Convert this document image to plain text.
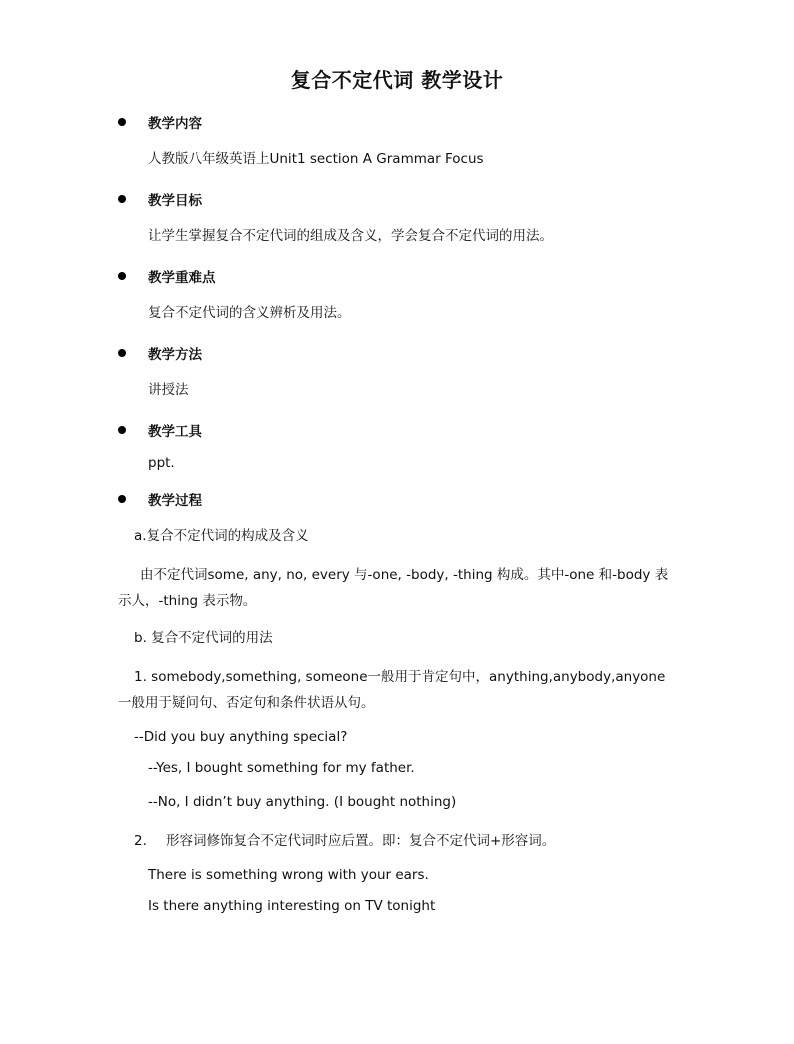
复合不定代词 教学设计
教学内容
人教版八年级英语上Unit1 section A Grammar Focus
教学目标
让学生掌握复合不定代词的组成及含义，学会复合不定代词的用法。
教学重难点
复合不定代词的含义辨析及用法。
教学方法
讲授法
教学工具
ppt.
教学过程
a.复合不定代词的构成及含义
由不定代词some, any, no, every 与-one, -body, -thing 构成。其中-one 和-body 表示人，-thing 表示物。
b. 复合不定代词的用法
1. somebody,something, someone一般用于肯定句中，anything,anybody,anyone一般用于疑问句、否定句和条件状语从句。
--Did you buy anything special?
--Yes, I bought something for my father.
--No, I didn’t buy anything. (I bought nothing)
2. 形容词修饰复合不定代词时应后置。即：复合不定代词+形容词。
There is something wrong with your ears.
Is there anything interesting on TV tonight
